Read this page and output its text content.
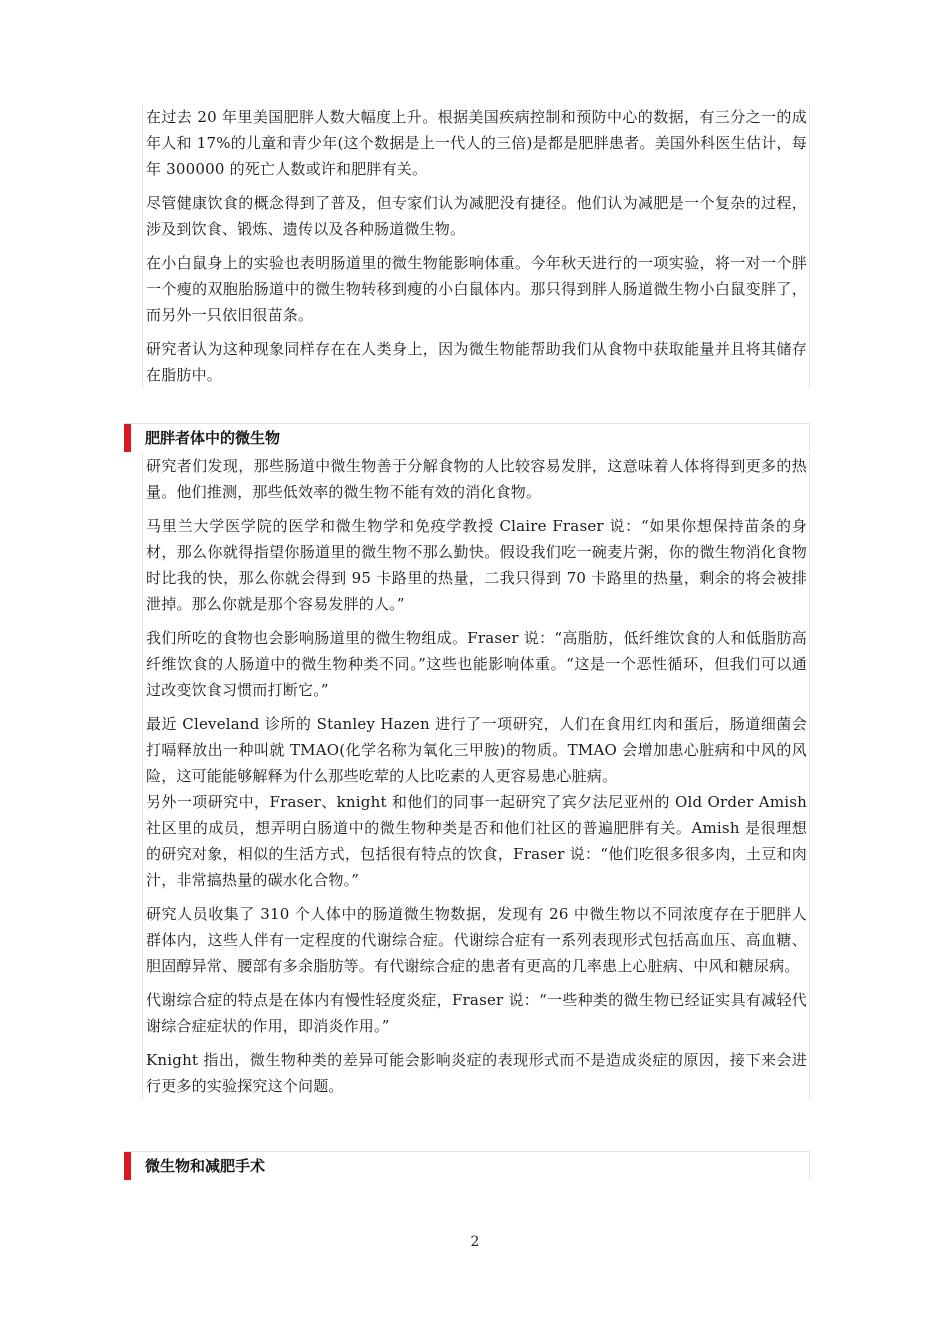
在过去 20 年里美国肥胖人数大幅度上升。根据美国疾病控制和预防中心的数据，有三分之一的成年人和 17%的儿童和青少年(这个数据是上一代人的三倍)是都是肥胖患者。美国外科医生估计，每年 300000 的死亡人数或许和肥胖有关。

尽管健康饮食的概念得到了普及，但专家们认为减肥没有捷径。他们认为减肥是一个复杂的过程，涉及到饮食、锻炼、遗传以及各种肠道微生物。

在小白鼠身上的实验也表明肠道里的微生物能影响体重。今年秋天进行的一项实验，将一对一个胖一个瘦的双胞胎肠道中的微生物转移到瘦的小白鼠体内。那只得到胖人肠道微生物小白鼠变胖了，而另外一只依旧很苗条。

研究者认为这种现象同样存在在人类身上，因为微生物能帮助我们从食物中获取能量并且将其储存在脂肪中。

肥胖者体中的微生物

研究者们发现，那些肠道中微生物善于分解食物的人比较容易发胖，这意味着人体将得到更多的热量。他们推测，那些低效率的微生物不能有效的消化食物。

马里兰大学医学院的医学和微生物学和免疫学教授 Claire Fraser 说：“如果你想保持苗条的身材，那么你就得指望你肠道里的微生物不那么勤快。假设我们吃一碗麦片粥，你的微生物消化食物时比我的快，那么你就会得到 95 卡路里的热量，二我只得到 70 卡路里的热量，剩余的将会被排泄掉。那么你就是那个容易发胖的人。”

我们所吃的食物也会影响肠道里的微生物组成。Fraser 说：“高脂肪，低纤维饮食的人和低脂肪高纤维饮食的人肠道中的微生物种类不同。”这些也能影响体重。“这是一个恶性循环，但我们可以通过改变饮食习惯而打断它。”

最近 Cleveland 诊所的 Stanley Hazen 进行了一项研究，人们在食用红肉和蛋后，肠道细菌会打嗝释放出一种叫就 TMAO(化学名称为氧化三甲胺)的物质。TMAO 会增加患心脏病和中风的风险，这可能能够解释为什么那些吃荤的人比吃素的人更容易患心脏病。

另外一项研究中，Fraser、knight 和他们的同事一起研究了宾夕法尼亚州的 Old Order Amish 社区里的成员，想弄明白肠道中的微生物种类是否和他们社区的普遍肥胖有关。Amish 是很理想的研究对象，相似的生活方式，包括很有特点的饮食，Fraser 说：“他们吃很多很多肉，土豆和肉汁，非常搞热量的碳水化合物。”

研究人员收集了 310 个人体中的肠道微生物数据，发现有 26 中微生物以不同浓度存在于肥胖人群体内，这些人伴有一定程度的代谢综合症。代谢综合症有一系列表现形式包括高血压、高血糖、胆固醇异常、腰部有多余脂肪等。有代谢综合症的患者有更高的几率患上心脏病、中风和糖尿病。

代谢综合症的特点是在体内有慢性轻度炎症，Fraser 说：“一些种类的微生物已经证实具有减轻代谢综合症症状的作用，即消炎作用。”

Knight 指出，微生物种类的差异可能会影响炎症的表现形式而不是造成炎症的原因，接下来会进行更多的实验探究这个问题。

微生物和减肥手术
2
